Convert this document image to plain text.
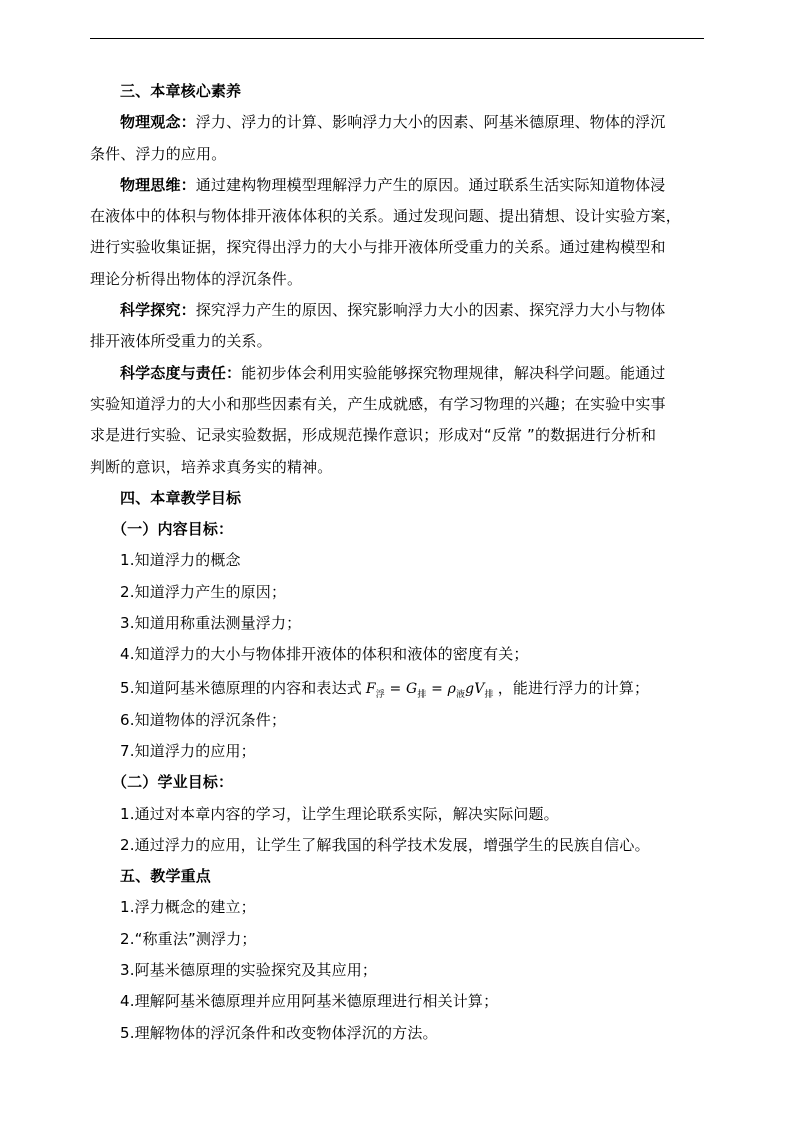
三、本章核心素养
物理观念：浮力、浮力的计算、影响浮力大小的因素、阿基米德原理、物体的浮沉
条件、浮力的应用。
物理思维：通过建构物理模型理解浮力产生的原因。通过联系生活实际知道物体浸
在液体中的体积与物体排开液体体积的关系。通过发现问题、提出猜想、设计实验方案，
进行实验收集证据，探究得出浮力的大小与排开液体所受重力的关系。通过建构模型和
理论分析得出物体的浮沉条件。
科学探究：探究浮力产生的原因、探究影响浮力大小的因素、探究浮力大小与物体
排开液体所受重力的关系。
科学态度与责任：能初步体会利用实验能够探究物理规律，解决科学问题。能通过
实验知道浮力的大小和那些因素有关，产生成就感，有学习物理的兴趣；在实验中实事
求是进行实验、记录实验数据，形成规范操作意识；形成对“反常 ”的数据进行分析和
判断的意识，培养求真务实的精神。
四、本章教学目标
（一）内容目标：
1.知道浮力的概念
2.知道浮力产生的原因；
3.知道用称重法测量浮力；
4.知道浮力的大小与物体排开液体的体积和液体的密度有关；
5.知道阿基米德原理的内容和表达式 $F_浮 = G_排 = \rho_液gV_排$ ，能进行浮力的计算；
6.知道物体的浮沉条件；
7.知道浮力的应用；
（二）学业目标：
1.通过对本章内容的学习，让学生理论联系实际，解决实际问题。
2.通过浮力的应用，让学生了解我国的科学技术发展，增强学生的民族自信心。
五、教学重点
1.浮力概念的建立；
2.“称重法”测浮力；
3.阿基米德原理的实验探究及其应用；
4.理解阿基米德原理并应用阿基米德原理进行相关计算；
5.理解物体的浮沉条件和改变物体浮沉的方法。
